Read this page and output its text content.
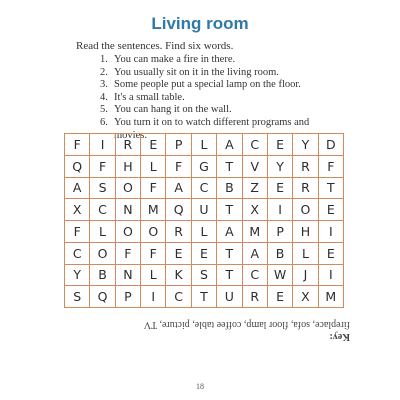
Living room
Read the sentences. Find six words.
1. You can make a fire in there.
2. You usually sit on it in the living room.
3. Some people put a special lamp on the floor.
4. It's a small table.
5. You can hang it on the wall.
6. You turn it on to watch different programs and movies.
F	I	R	E	P	L	A	C	E	Y	D
Q	F	H	L	F	G	T	V	Y	R	F
A	S	O	F	A	C	B	Z	E	R	T
X	C	N	M	Q	U	T	X	I	O	E
F	L	O	O	R	L	A	M	P	H	I
C	O	F	F	E	E	T	A	B	L	E
Y	B	N	L	K	S	T	C	W	J	I
S	Q	P	I	C	T	U	R	E	X	M
Key:
fireplace, sofa, floor lamp, coffee table, picture, TV
18
